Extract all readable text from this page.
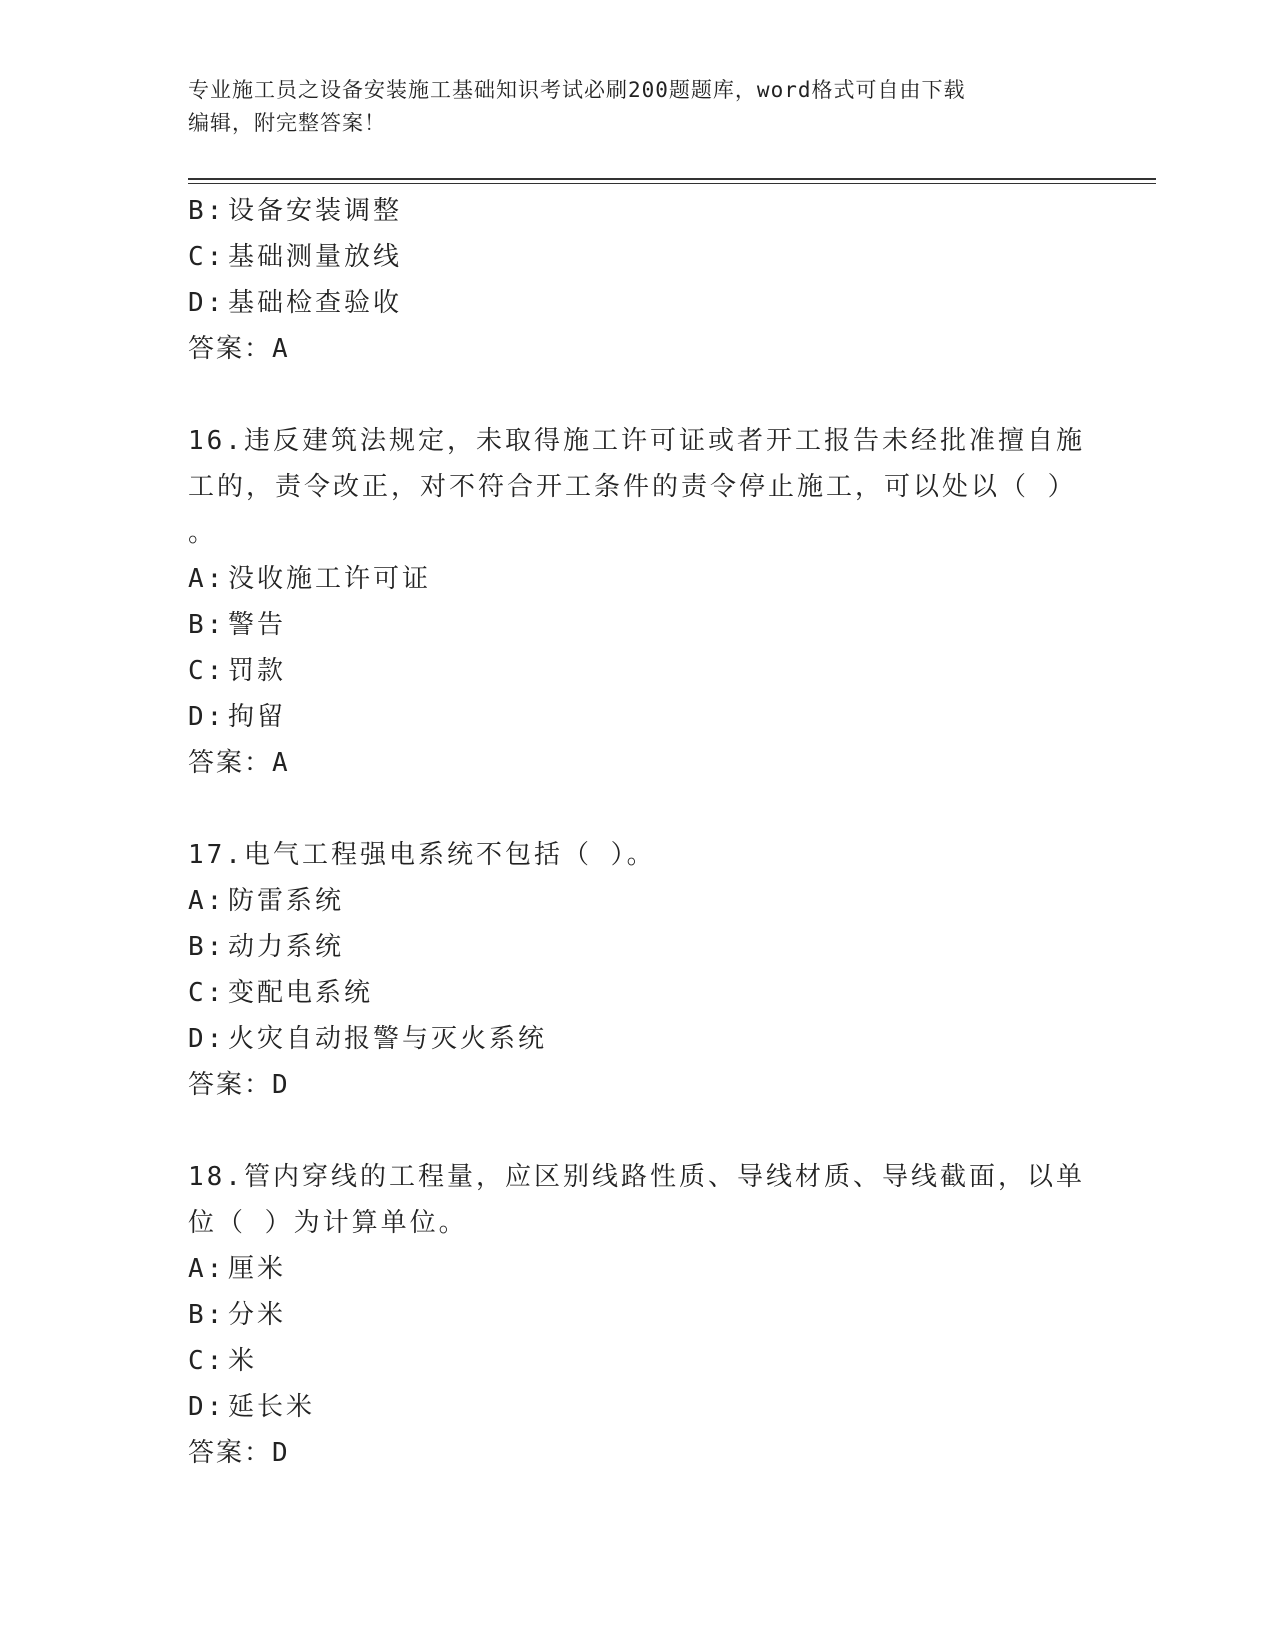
专业施工员之设备安装施工基础知识考试必刷200题题库，word格式可自由下载
编辑，附完整答案！
B: 设备安装调整
C: 基础测量放线
D: 基础检查验收
答案：A
16.违反建筑法规定，未取得施工许可证或者开工报告未经批准擅自施
工的，责令改正，对不符合开工条件的责令停止施工，可以处以（ ）
。
A: 没收施工许可证
B: 警告
C: 罚款
D: 拘留
答案：A
17.电气工程强电系统不包括（ ）。
A: 防雷系统
B: 动力系统
C: 变配电系统
D: 火灾自动报警与灭火系统
答案：D
18.管内穿线的工程量，应区别线路性质、导线材质、导线截面，以单
位（ ）为计算单位。
A: 厘米
B: 分米
C: 米
D: 延长米
答案：D
